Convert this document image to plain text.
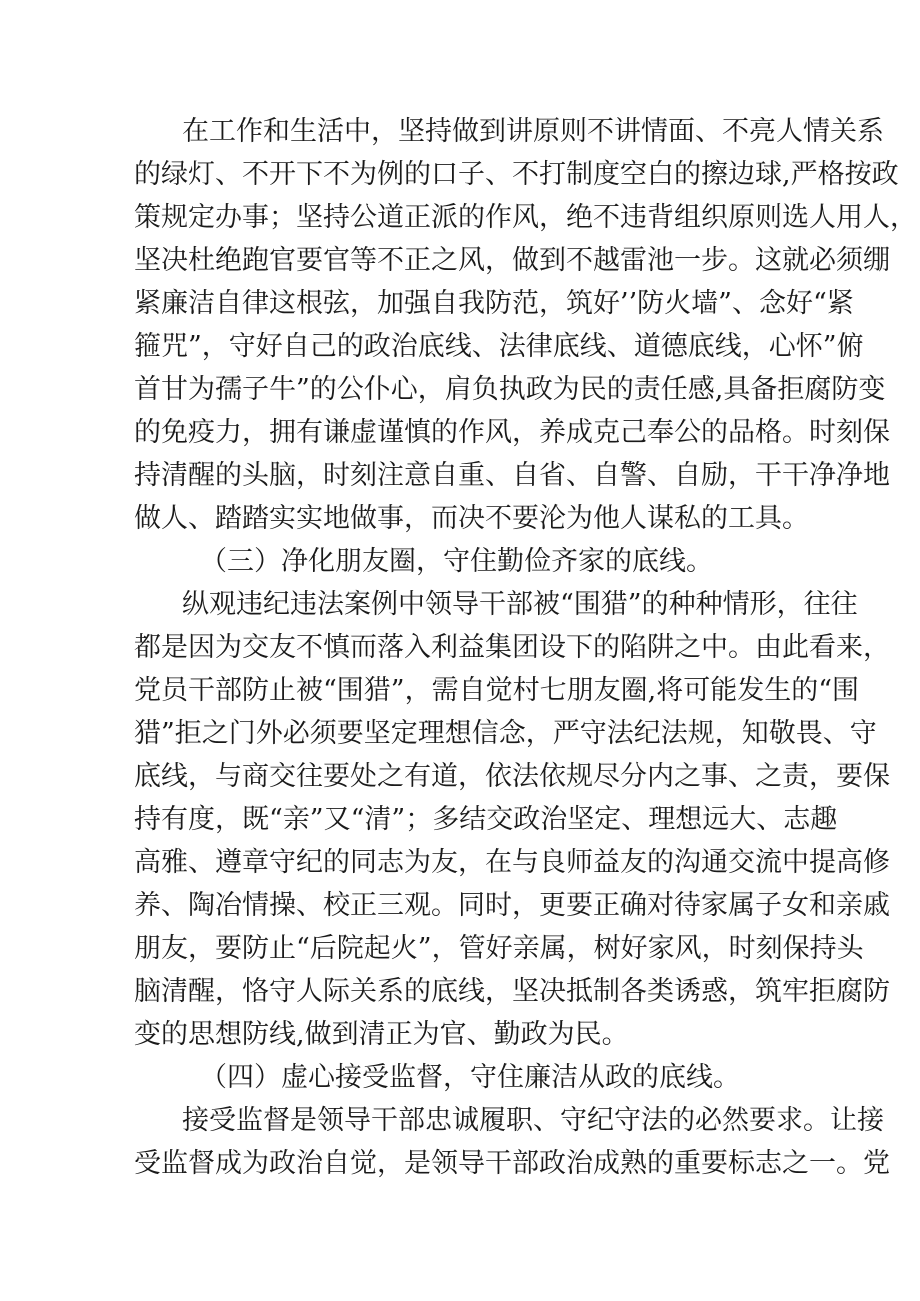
在工作和生活中，坚持做到讲原则不讲情面、不亮人情关系
的绿灯、不开下不为例的口子、不打制度空白的擦边球,严格按政
策规定办事；坚持公道正派的作风，绝不违背组织原则选人用人，
坚决杜绝跑官要官等不正之风，做到不越雷池一步。这就必须绷
紧廉洁自律这根弦，加强自我防范，筑好’’防火墙”、念好“紧
箍咒”，守好自己的政治底线、法律底线、道德底线，心怀”俯
首甘为孺子牛”的公仆心，肩负执政为民的责任感,具备拒腐防变
的免疫力，拥有谦虚谨慎的作风，养成克己奉公的品格。时刻保
持清醒的头脑，时刻注意自重、自省、自警、自励，干干净净地
做人、踏踏实实地做事，而决不要沦为他人谋私的工具。
（三）净化朋友圈，守住勤俭齐家的底线。
纵观违纪违法案例中领导干部被“围猎”的种种情形，往往
都是因为交友不慎而落入利益集团设下的陷阱之中。由此看来，
党员干部防止被“围猎”，需自觉村七朋友圈,将可能发生的“围
猎”拒之门外必须要坚定理想信念，严守法纪法规，知敬畏、守
底线，与商交往要处之有道，依法依规尽分内之事、之责，要保
持有度，既“亲”又“清”；多结交政治坚定、理想远大、志趣
高雅、遵章守纪的同志为友，在与良师益友的沟通交流中提高修
养、陶冶情操、校正三观。同时，更要正确对待家属子女和亲戚
朋友，要防止“后院起火”，管好亲属，树好家风，时刻保持头
脑清醒，恪守人际关系的底线，坚决抵制各类诱惑，筑牢拒腐防
变的思想防线,做到清正为官、勤政为民。
（四）虚心接受监督，守住廉洁从政的底线。
接受监督是领导干部忠诚履职、守纪守法的必然要求。让接
受监督成为政治自觉，是领导干部政治成熟的重要标志之一。党
